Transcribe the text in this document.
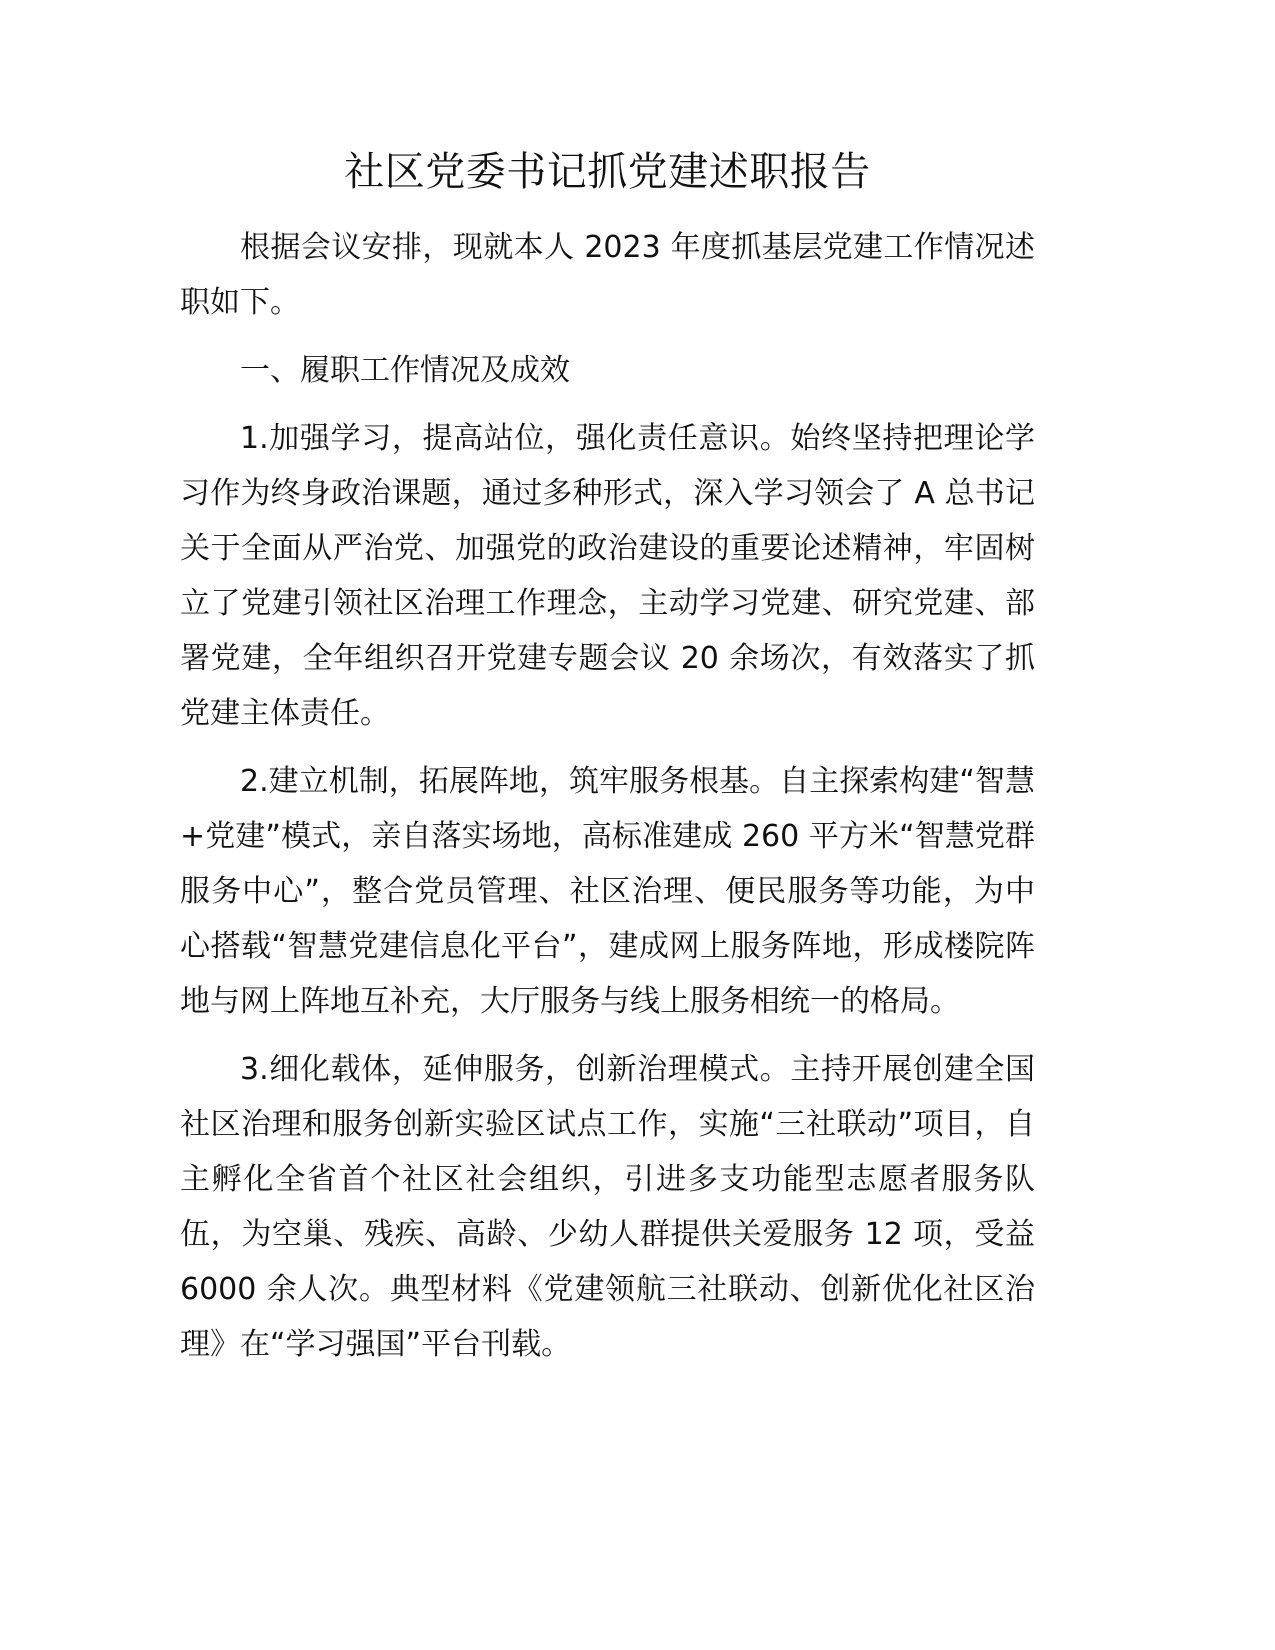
社区党委书记抓党建述职报告

根据会议安排，现就本人 2023 年度抓基层党建工作情况述职如下。

一、履职工作情况及成效

1.加强学习，提高站位，强化责任意识。始终坚持把理论学习作为终身政治课题，通过多种形式，深入学习领会了 A 总书记关于全面从严治党、加强党的政治建设的重要论述精神，牢固树立了党建引领社区治理工作理念，主动学习党建、研究党建、部署党建，全年组织召开党建专题会议 20 余场次，有效落实了抓党建主体责任。

2.建立机制，拓展阵地，筑牢服务根基。自主探索构建“智慧+党建”模式，亲自落实场地，高标准建成 260 平方米“智慧党群服务中心”，整合党员管理、社区治理、便民服务等功能，为中心搭载“智慧党建信息化平台”，建成网上服务阵地，形成楼院阵地与网上阵地互补充，大厅服务与线上服务相统一的格局。

3.细化载体，延伸服务，创新治理模式。主持开展创建全国社区治理和服务创新实验区试点工作，实施“三社联动”项目，自主孵化全省首个社区社会组织，引进多支功能型志愿者服务队伍，为空巢、残疾、高龄、少幼人群提供关爱服务 12 项，受益 6000 余人次。典型材料《党建领航三社联动、创新优化社区治理》在“学习强国”平台刊载。
